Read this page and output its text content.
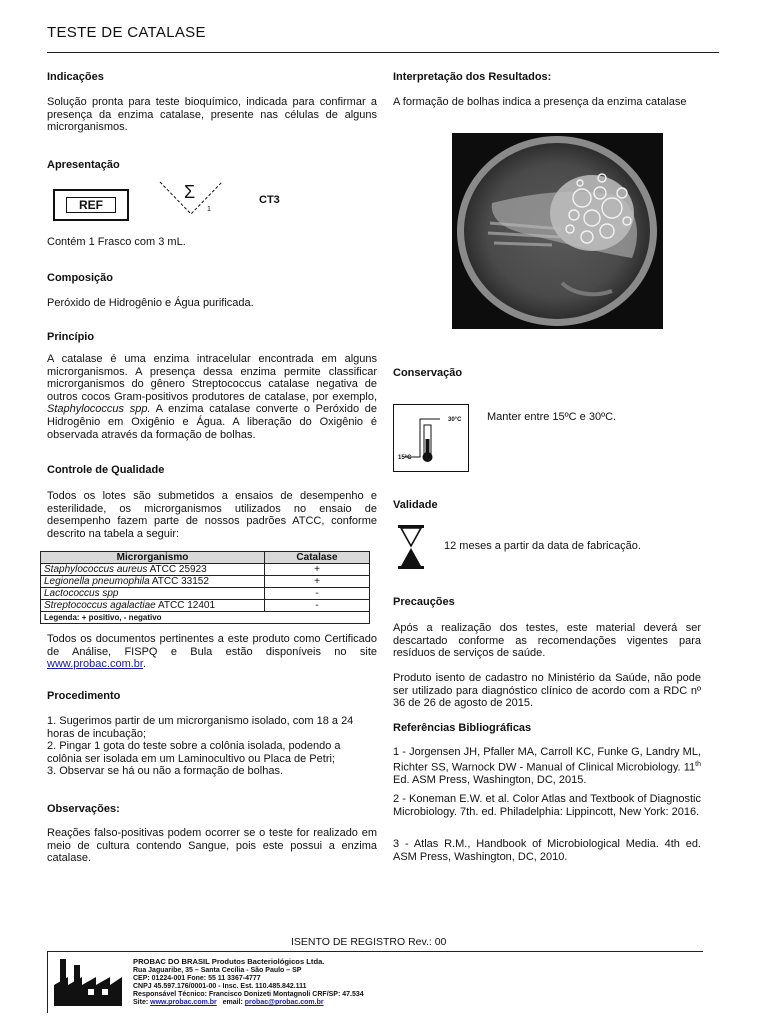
TESTE DE CATALASE
Indicações
Solução pronta para teste bioquímico, indicada para confirmar a presença da enzima catalase, presente nas células de alguns microrganismos.
Apresentação
REF
Σ
1
CT3
Contém 1 Frasco com 3 mL.
Composição
Peróxido de Hidrogênio e Água purificada.
Princípio
A catalase é uma enzima intracelular encontrada em alguns microrganismos. A presença dessa enzima permite classificar microrganismos do gênero Streptococcus catalase negativa de outros cocos Gram-positivos produtores de catalase, por exemplo, Staphylococcus spp. A enzima catalase converte o Peróxido de Hidrogênio em Oxigênio e Água. A liberação do Oxigênio é observada através da formação de bolhas.
Controle de Qualidade
Todos os lotes são submetidos a ensaios de desempenho e esterilidade, os microrganismos utilizados no ensaio de desempenho fazem parte de nossos padrões ATCC, conforme descrito na tabela a seguir:
Microrganismo	Catalase
Staphylococcus aureus ATCC 25923	+
Legionella pneumophila ATCC 33152	+
Lactococcus spp	-
Streptococcus agalactiae ATCC 12401	-
Legenda: + positivo, - negativo	
Todos os documentos pertinentes a este produto como Certificado de Análise, FISPQ e Bula estão disponíveis no site www.probac.com.br.
Procedimento
1. Sugerimos partir de um microrganismo isolado, com 18 a 24 horas de incubação;
2. Pingar 1 gota do teste sobre a colônia isolada, podendo a colônia ser isolada em um Laminocultivo ou Placa de Petri;
3. Observar se há ou não a formação de bolhas.
Observações:
Reações falso-positivas podem ocorrer se o teste for realizado em meio de cultura contendo Sangue, pois este possui a enzima catalase.
Interpretação dos Resultados:
A formação de bolhas indica a presença da enzima catalase
Conservação
30°C
15°C
Manter entre 15ºC e 30ºC.
Validade
12 meses a partir da data de fabricação.
Precauções
Após a realização dos testes, este material deverá ser descartado conforme as recomendações vigentes para resíduos de serviços de saúde.
Produto isento de cadastro no Ministério da Saúde, não pode ser utilizado para diagnóstico clínico de acordo com a RDC nº 36 de 26 de agosto de 2015.
Referências Bibliográficas
1 - Jorgensen JH, Pfaller MA, Carroll KC, Funke G, Landry ML, Richter SS, Warnock DW - Manual of Clinical Microbiology. 11th Ed. ASM Press, Washington, DC, 2015.
2 - Koneman E.W. et al. Color Atlas and Textbook of Diagnostic Microbiology. 7th. ed. Philadelphia: Lippincott, New York: 2016.
3 - Atlas R.M., Handbook of Microbiological Media. 4th ed. ASM Press, Washington, DC, 2010.
ISENTO DE REGISTRO Rev.: 00
PROBAC DO BRASIL Produtos Bacteriológicos Ltda.
Rua Jaguaribe, 35 – Santa Cecília - São Paulo – SP
CEP: 01224-001 Fone: 55 11 3367-4777
CNPJ 45.597.176/0001-00 - Insc. Est. 110.485.842.111
Responsável Técnico: Francisco Donizeti Montagnoli CRF/SP: 47.534
Site: www.probac.com.br   email: probac@probac.com.br
